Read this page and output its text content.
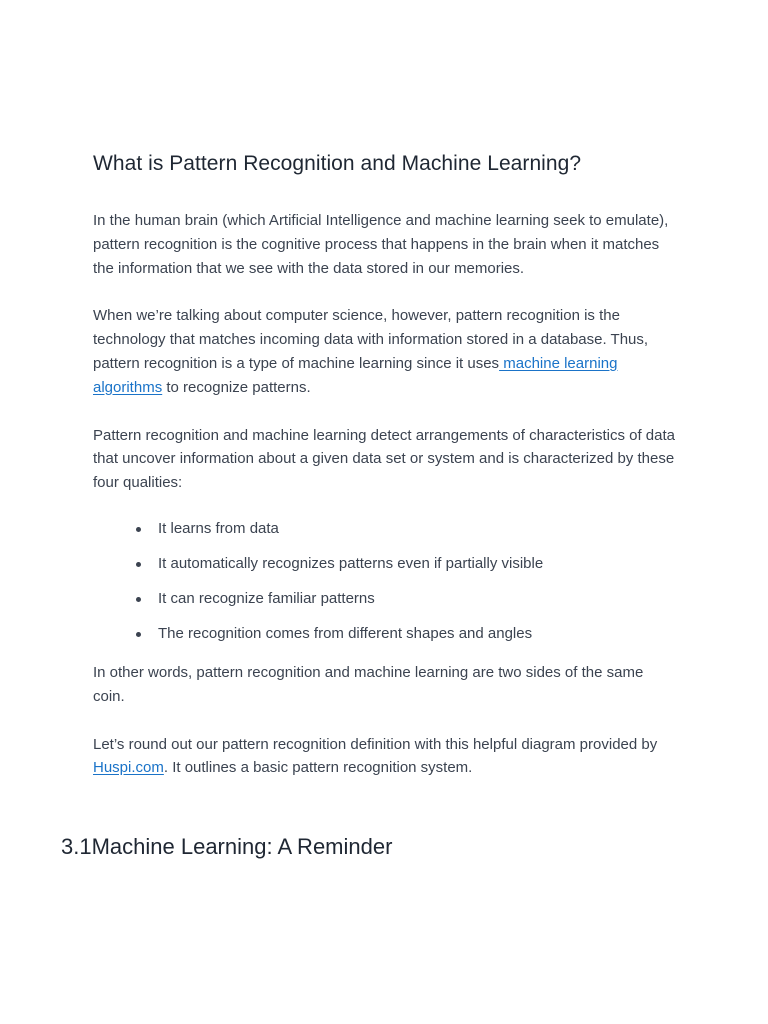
What is Pattern Recognition and Machine Learning?

In the human brain (which Artificial Intelligence and machine learning seek to emulate), pattern recognition is the cognitive process that happens in the brain when it matches the information that we see with the data stored in our memories.

When we’re talking about computer science, however, pattern recognition is the technology that matches incoming data with information stored in a database. Thus, pattern recognition is a type of machine learning since it uses machine learning algorithms to recognize patterns.

Pattern recognition and machine learning detect arrangements of characteristics of data that uncover information about a given data set or system and is characterized by these four qualities:

It learns from data
It automatically recognizes patterns even if partially visible
It can recognize familiar patterns
The recognition comes from different shapes and angles

In other words, pattern recognition and machine learning are two sides of the same coin.

Let’s round out our pattern recognition definition with this helpful diagram provided by Huspi.com. It outlines a basic pattern recognition system.

3.1Machine Learning: A Reminder
